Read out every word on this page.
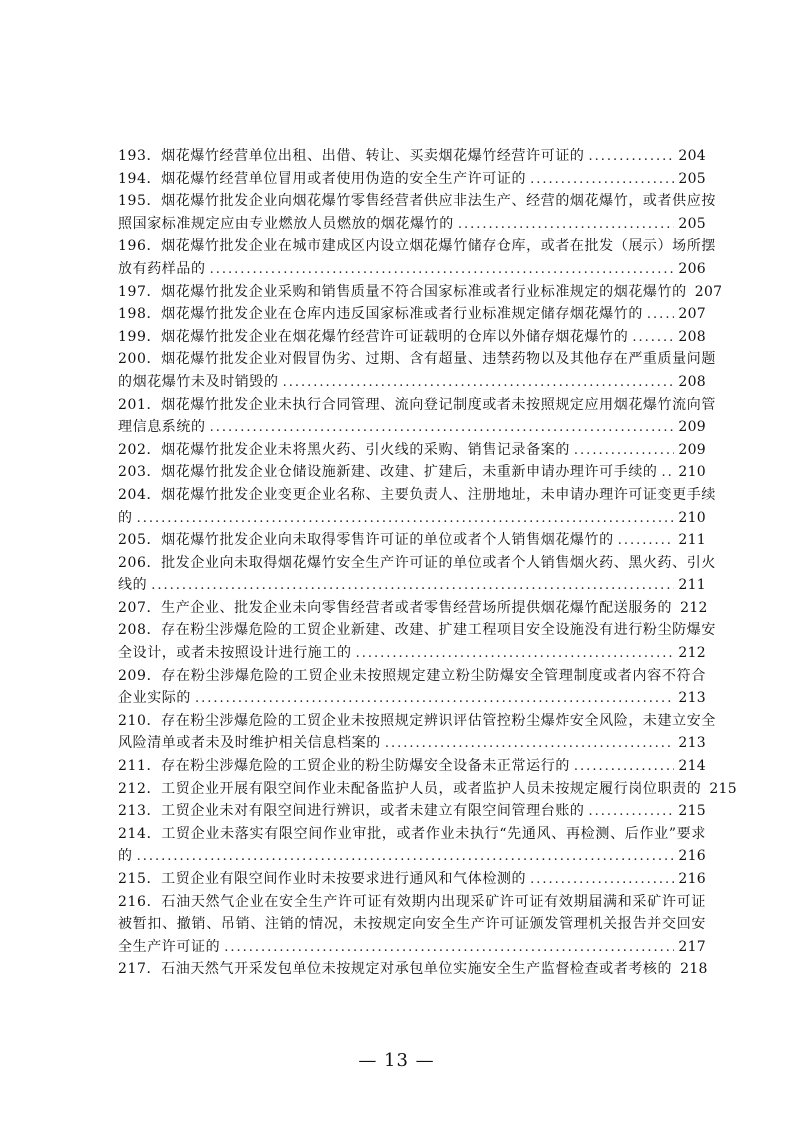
193．烟花爆竹经营单位出租、出借、转让、买卖烟花爆竹经营许可证的 .....	204
194．烟花爆竹经营单位冒用或者使用伪造的安全生产许可证的 .....	205
195．烟花爆竹批发企业向烟花爆竹零售经营者供应非法生产、经营的烟花爆竹，或者供应按
照国家标准规定应由专业燃放人员燃放的烟花爆竹的 .....	205
196．烟花爆竹批发企业在城市建成区内设立烟花爆竹储存仓库，或者在批发（展示）场所摆
放有药样品的 .....	206
197．烟花爆竹批发企业采购和销售质量不符合国家标准或者行业标准规定的烟花爆竹的 207
198．烟花爆竹批发企业在仓库内违反国家标准或者行业标准规定储存烟花爆竹的 .....	207
199．烟花爆竹批发企业在烟花爆竹经营许可证载明的仓库以外储存烟花爆竹的 .....	208
200．烟花爆竹批发企业对假冒伪劣、过期、含有超量、违禁药物以及其他存在严重质量问题
的烟花爆竹未及时销毁的 .....	208
201．烟花爆竹批发企业未执行合同管理、流向登记制度或者未按照规定应用烟花爆竹流向管
理信息系统的 .....	209
202．烟花爆竹批发企业未将黑火药、引火线的采购、销售记录备案的 .....	209
203．烟花爆竹批发企业仓储设施新建、改建、扩建后，未重新申请办理许可手续的 ..... 210
204．烟花爆竹批发企业变更企业名称、主要负责人、注册地址，未申请办理许可证变更手续
的 .....	210
205．烟花爆竹批发企业向未取得零售许可证的单位或者个人销售烟花爆竹的 .....	211
206．批发企业向未取得烟花爆竹安全生产许可证的单位或者个人销售烟火药、黑火药、引火
线的 .....	211
207．生产企业、批发企业未向零售经营者或者零售经营场所提供烟花爆竹配送服务的 212
208．存在粉尘涉爆危险的工贸企业新建、改建、扩建工程项目安全设施没有进行粉尘防爆安
全设计，或者未按照设计进行施工的 .....	212
209．存在粉尘涉爆危险的工贸企业未按照规定建立粉尘防爆安全管理制度或者内容不符合
企业实际的 .....	213
210．存在粉尘涉爆危险的工贸企业未按照规定辨识评估管控粉尘爆炸安全风险，未建立安全
风险清单或者未及时维护相关信息档案的 .....	213
211．存在粉尘涉爆危险的工贸企业的粉尘防爆安全设备未正常运行的 .....	214
212．工贸企业开展有限空间作业未配备监护人员，或者监护人员未按规定履行岗位职责的 215
213．工贸企业未对有限空间进行辨识，或者未建立有限空间管理台账的 .....	215
214．工贸企业未落实有限空间作业审批，或者作业未执行“先通风、再检测、后作业”要求
的 .....	216
215．工贸企业有限空间作业时未按要求进行通风和气体检测的 .....	216
216．石油天然气企业在安全生产许可证有效期内出现采矿许可证有效期届满和采矿许可证
被暂扣、撤销、吊销、注销的情况，未按规定向安全生产许可证颁发管理机关报告并交回安
全生产许可证的 .....	217
217．石油天然气开采发包单位未按规定对承包单位实施安全生产监督检查或者考核的 218
— 13 —
